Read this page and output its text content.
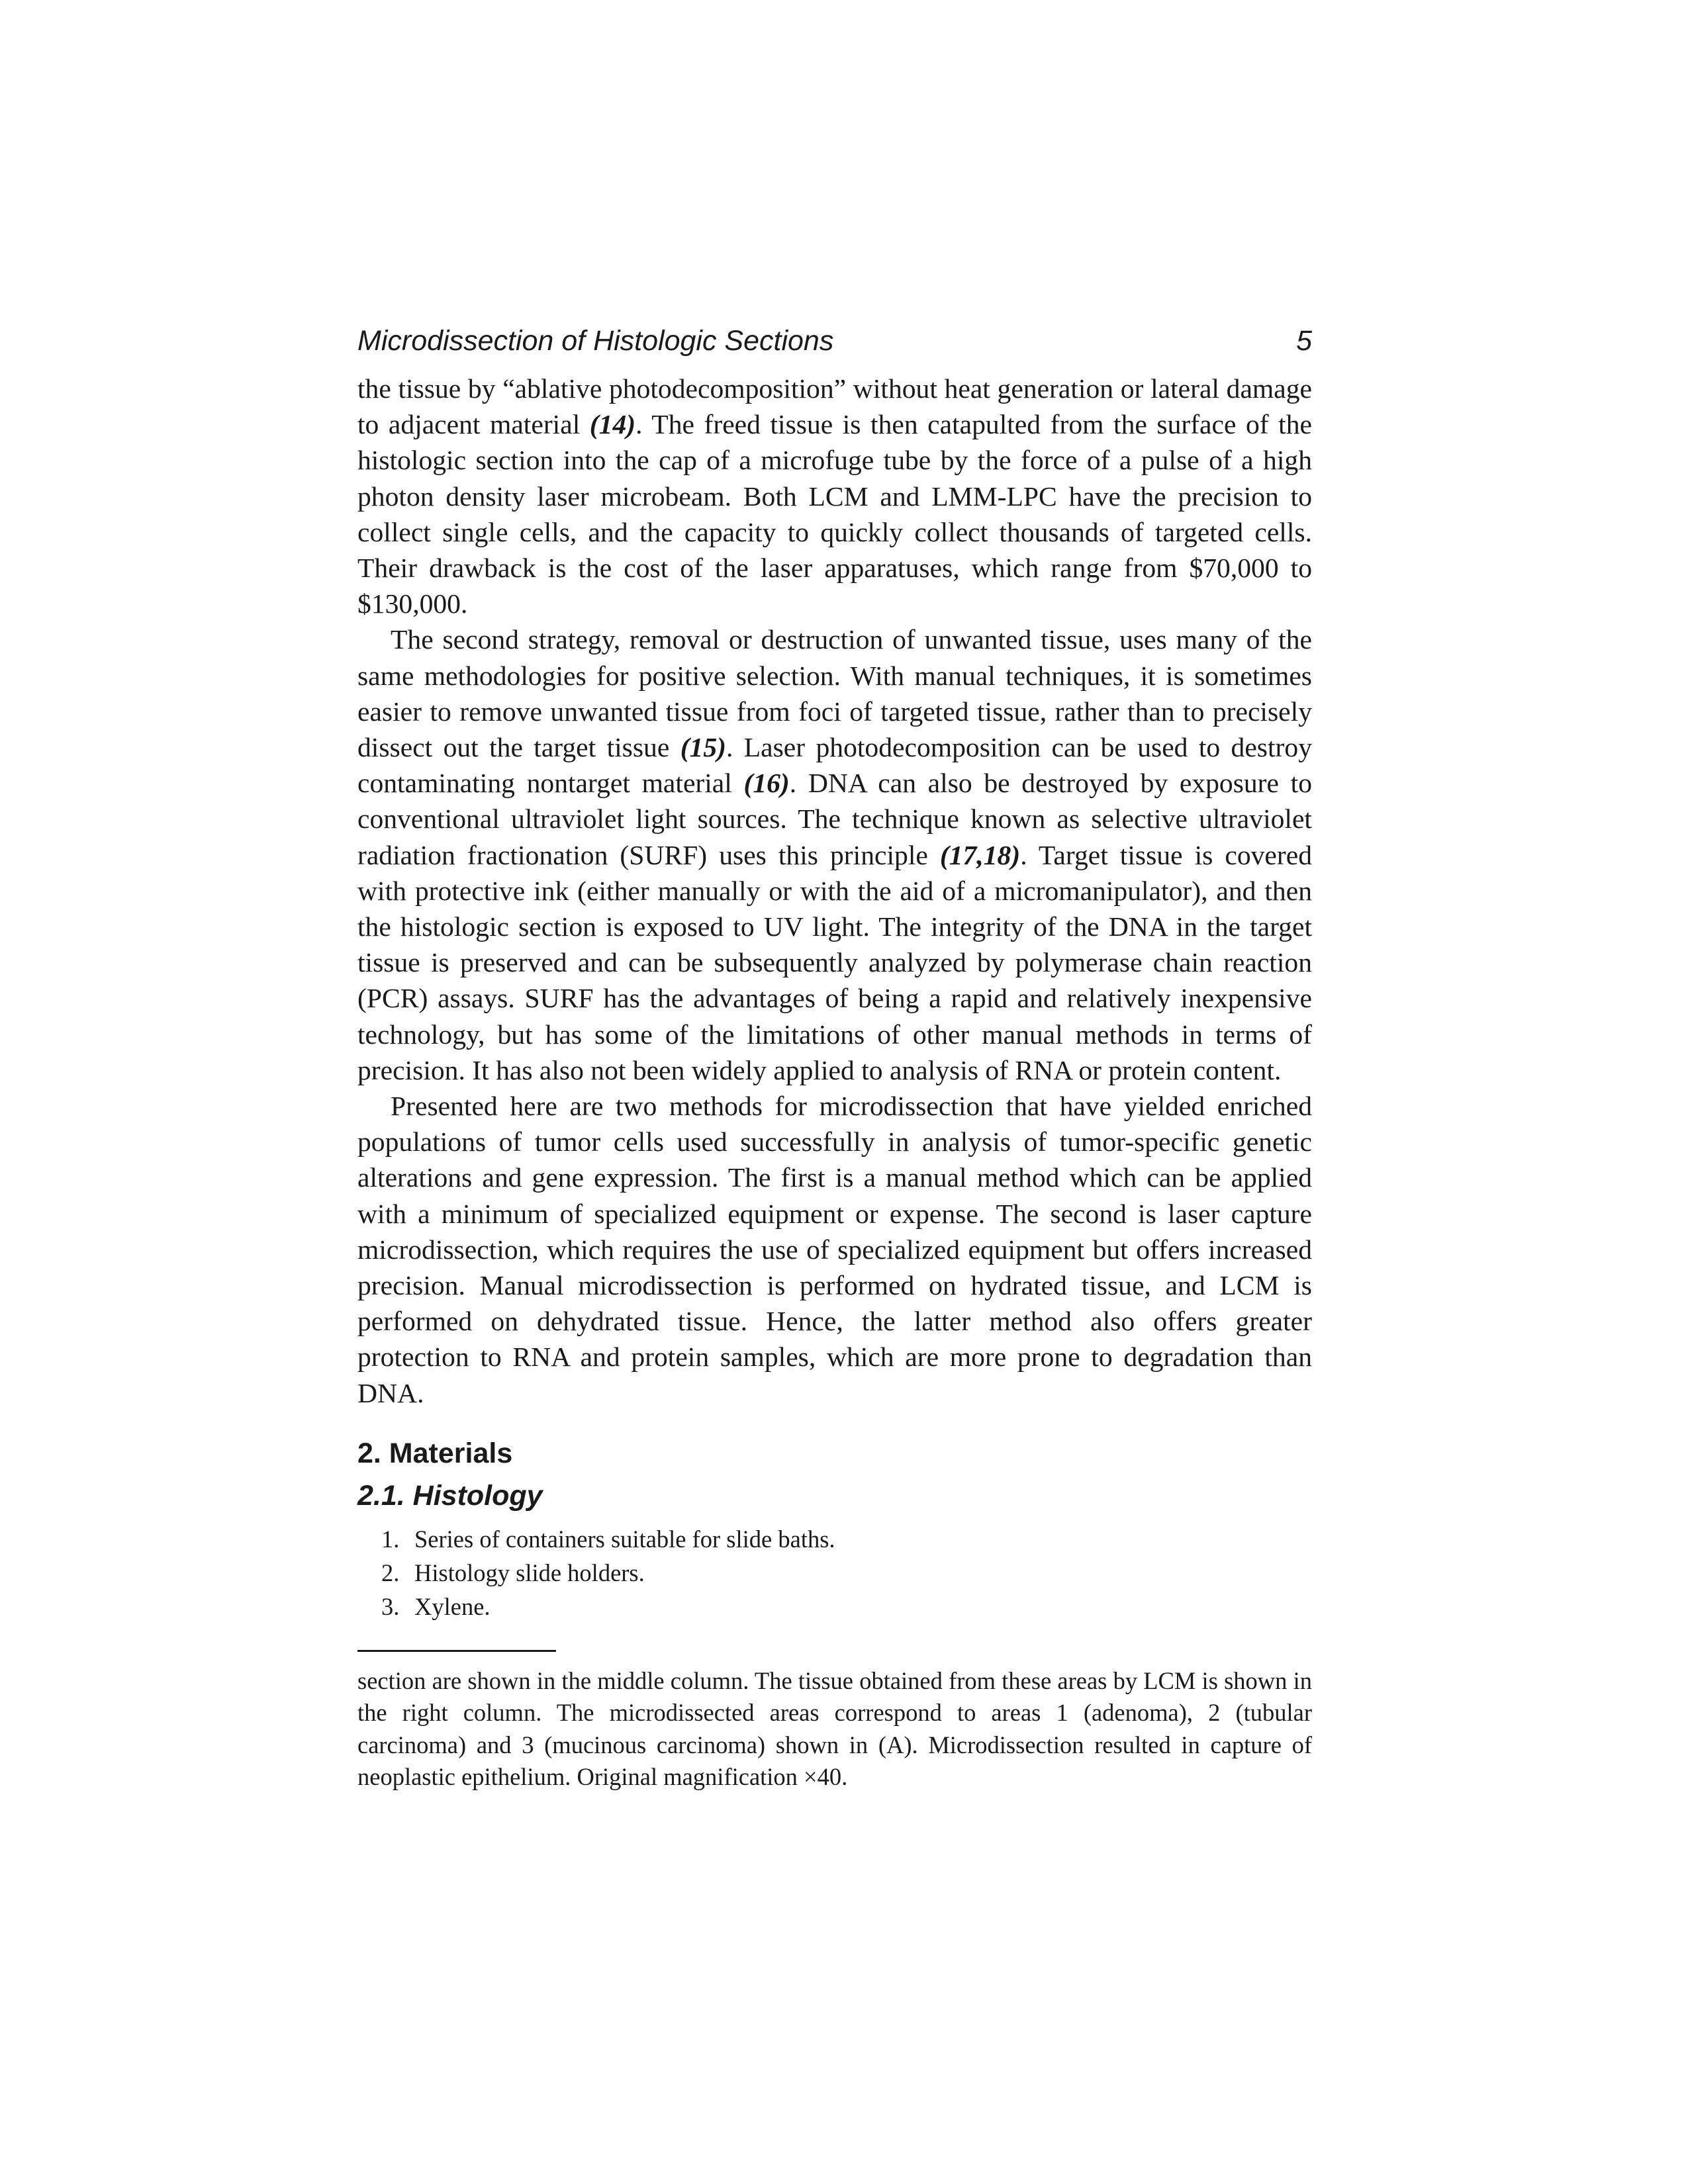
Microdissection of Histologic Sections	5

the tissue by “ablative photodecomposition” without heat generation or lateral damage to adjacent material (14). The freed tissue is then catapulted from the surface of the histologic section into the cap of a microfuge tube by the force of a pulse of a high photon density laser microbeam. Both LCM and LMM-LPC have the precision to collect single cells, and the capacity to quickly collect thousands of targeted cells. Their drawback is the cost of the laser apparatuses, which range from $70,000 to $130,000.

The second strategy, removal or destruction of unwanted tissue, uses many of the same methodologies for positive selection. With manual techniques, it is sometimes easier to remove unwanted tissue from foci of targeted tissue, rather than to precisely dissect out the target tissue (15). Laser photodecomposition can be used to destroy contaminating nontarget material (16). DNA can also be destroyed by exposure to conventional ultraviolet light sources. The technique known as selective ultraviolet radiation fractionation (SURF) uses this principle (17,18). Target tissue is covered with protective ink (either manually or with the aid of a micromanipulator), and then the histologic section is exposed to UV light. The integrity of the DNA in the target tissue is preserved and can be subsequently analyzed by polymerase chain reaction (PCR) assays. SURF has the advantages of being a rapid and relatively inexpensive technology, but has some of the limitations of other manual methods in terms of precision. It has also not been widely applied to analysis of RNA or protein content.

Presented here are two methods for microdissection that have yielded enriched populations of tumor cells used successfully in analysis of tumor-specific genetic alterations and gene expression. The first is a manual method which can be applied with a minimum of specialized equipment or expense. The second is laser capture microdissection, which requires the use of specialized equipment but offers increased precision. Manual microdissection is performed on hydrated tissue, and LCM is performed on dehydrated tissue. Hence, the latter method also offers greater protection to RNA and protein samples, which are more prone to degradation than DNA.

2. Materials
2.1. Histology
1. Series of containers suitable for slide baths.
2. Histology slide holders.
3. Xylene.

section are shown in the middle column. The tissue obtained from these areas by LCM is shown in the right column. The microdissected areas correspond to areas 1 (adenoma), 2 (tubular carcinoma) and 3 (mucinous carcinoma) shown in (A). Microdissection resulted in capture of neoplastic epithelium. Original magnification ×40.
